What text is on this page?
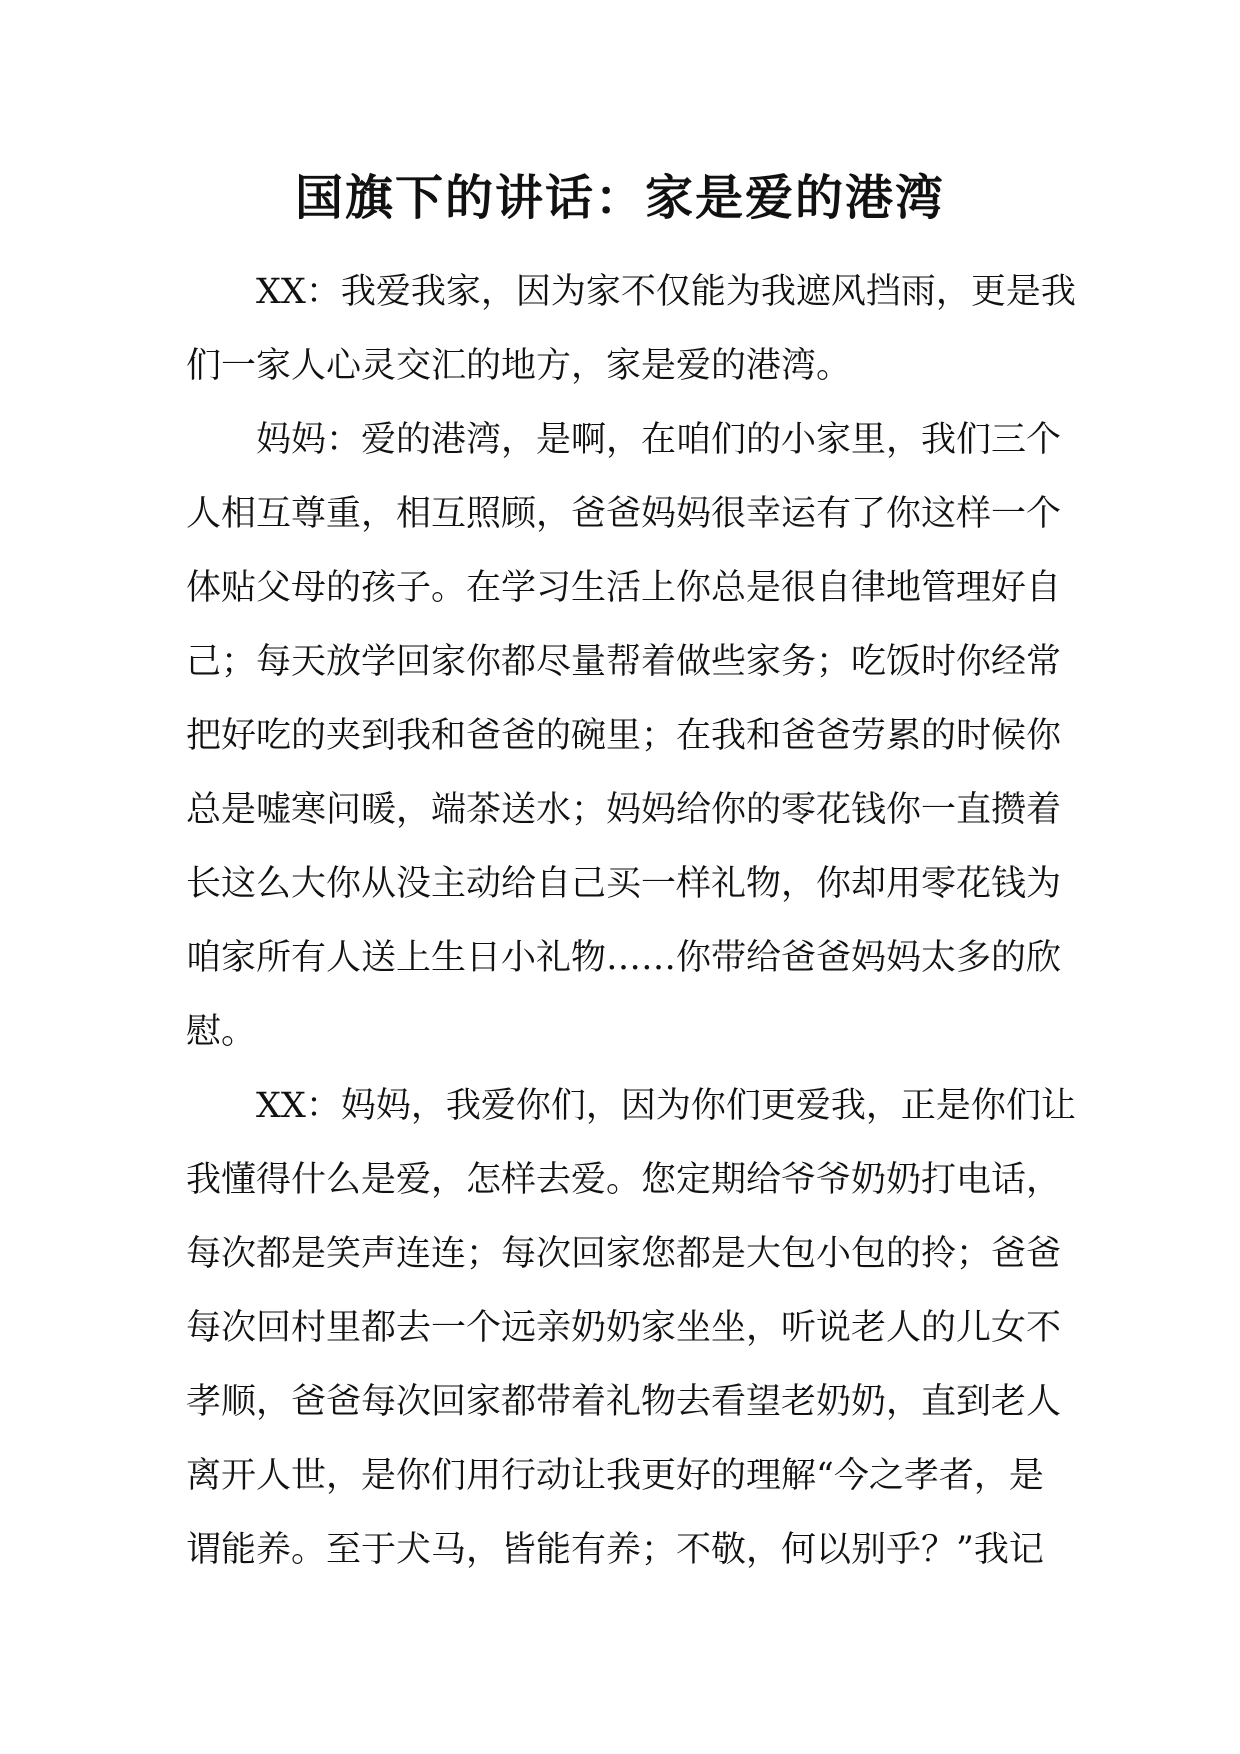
国旗下的讲话：家是爱的港湾
XX：我爱我家，因为家不仅能为我遮风挡雨，更是我
们一家人心灵交汇的地方，家是爱的港湾。
妈妈：爱的港湾，是啊，在咱们的小家里，我们三个
人相互尊重，相互照顾，爸爸妈妈很幸运有了你这样一个
体贴父母的孩子。在学习生活上你总是很自律地管理好自
己；每天放学回家你都尽量帮着做些家务；吃饭时你经常
把好吃的夹到我和爸爸的碗里；在我和爸爸劳累的时候你
总是嘘寒问暖，端茶送水；妈妈给你的零花钱你一直攒着
长这么大你从没主动给自己买一样礼物，你却用零花钱为
咱家所有人送上生日小礼物……你带给爸爸妈妈太多的欣
慰。
XX：妈妈，我爱你们，因为你们更爱我，正是你们让
我懂得什么是爱，怎样去爱。您定期给爷爷奶奶打电话，
每次都是笑声连连；每次回家您都是大包小包的拎；爸爸
每次回村里都去一个远亲奶奶家坐坐，听说老人的儿女不
孝顺，爸爸每次回家都带着礼物去看望老奶奶，直到老人
离开人世，是你们用行动让我更好的理解“今之孝者，是
谓能养。至于犬马，皆能有养；不敬，何以别乎？”我记
